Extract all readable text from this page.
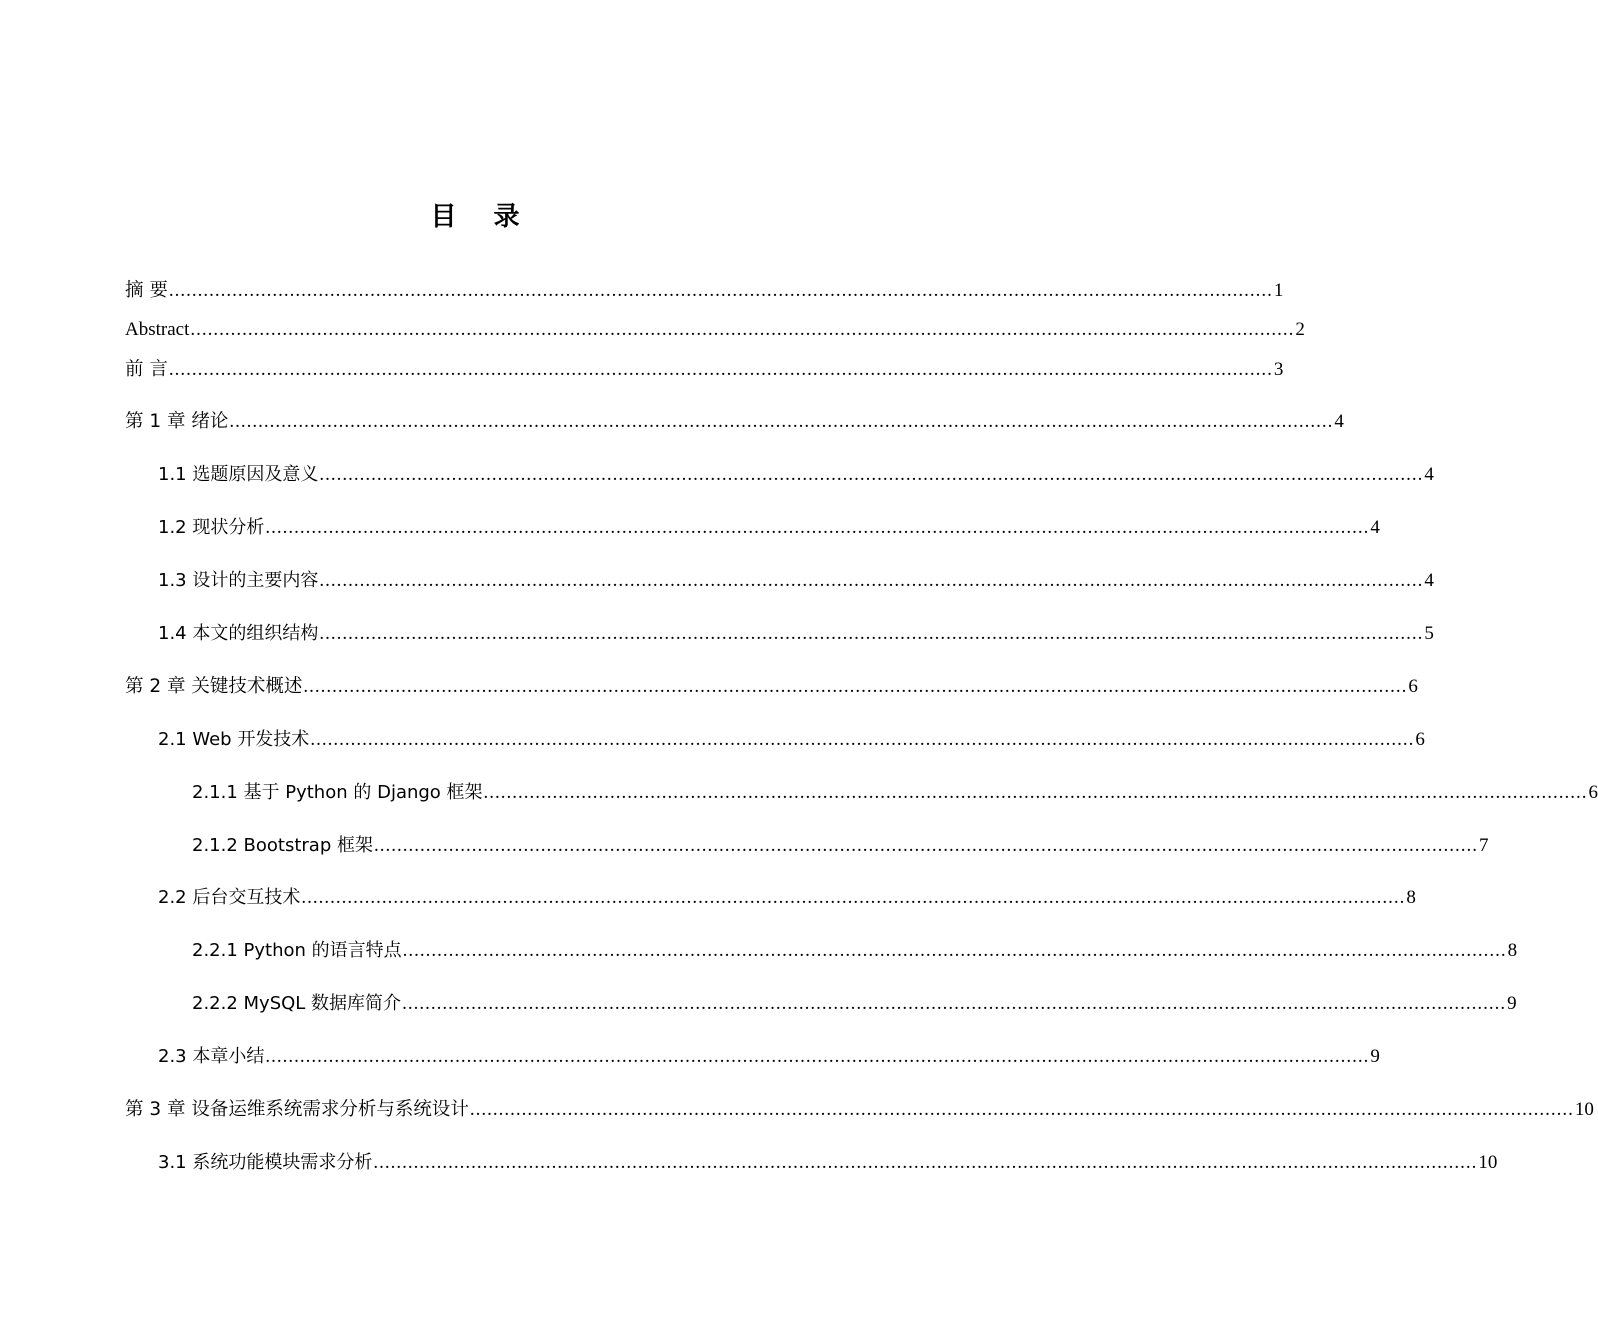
目 录
摘 要 ................................................................................................................................................................................................ 1
Abstract ................................................................................................................................................................................................ 2
前 言 ................................................................................................................................................................................................ 3
第 1 章 绪论 ................................................................................................................................................................................................ 4
1.1 选题原因及意义 ................................................................................................................................................................................................ 4
1.2 现状分析 ................................................................................................................................................................................................ 4
1.3 设计的主要内容 ................................................................................................................................................................................................ 4
1.4 本文的组织结构 ................................................................................................................................................................................................ 5
第 2 章 关键技术概述 ................................................................................................................................................................................................ 6
2.1 Web 开发技术 ................................................................................................................................................................................................ 6
2.1.1 基于 Python 的 Django 框架 ................................................................................................................................................................................................ 6
2.1.2 Bootstrap 框架 ................................................................................................................................................................................................ 7
2.2 后台交互技术 ................................................................................................................................................................................................ 8
2.2.1 Python 的语言特点 ................................................................................................................................................................................................ 8
2.2.2 MySQL 数据库简介 ................................................................................................................................................................................................ 9
2.3 本章小结 ................................................................................................................................................................................................ 9
第 3 章 设备运维系统需求分析与系统设计 ................................................................................................................................................................................................ 10
3.1 系统功能模块需求分析 ................................................................................................................................................................................................ 10
